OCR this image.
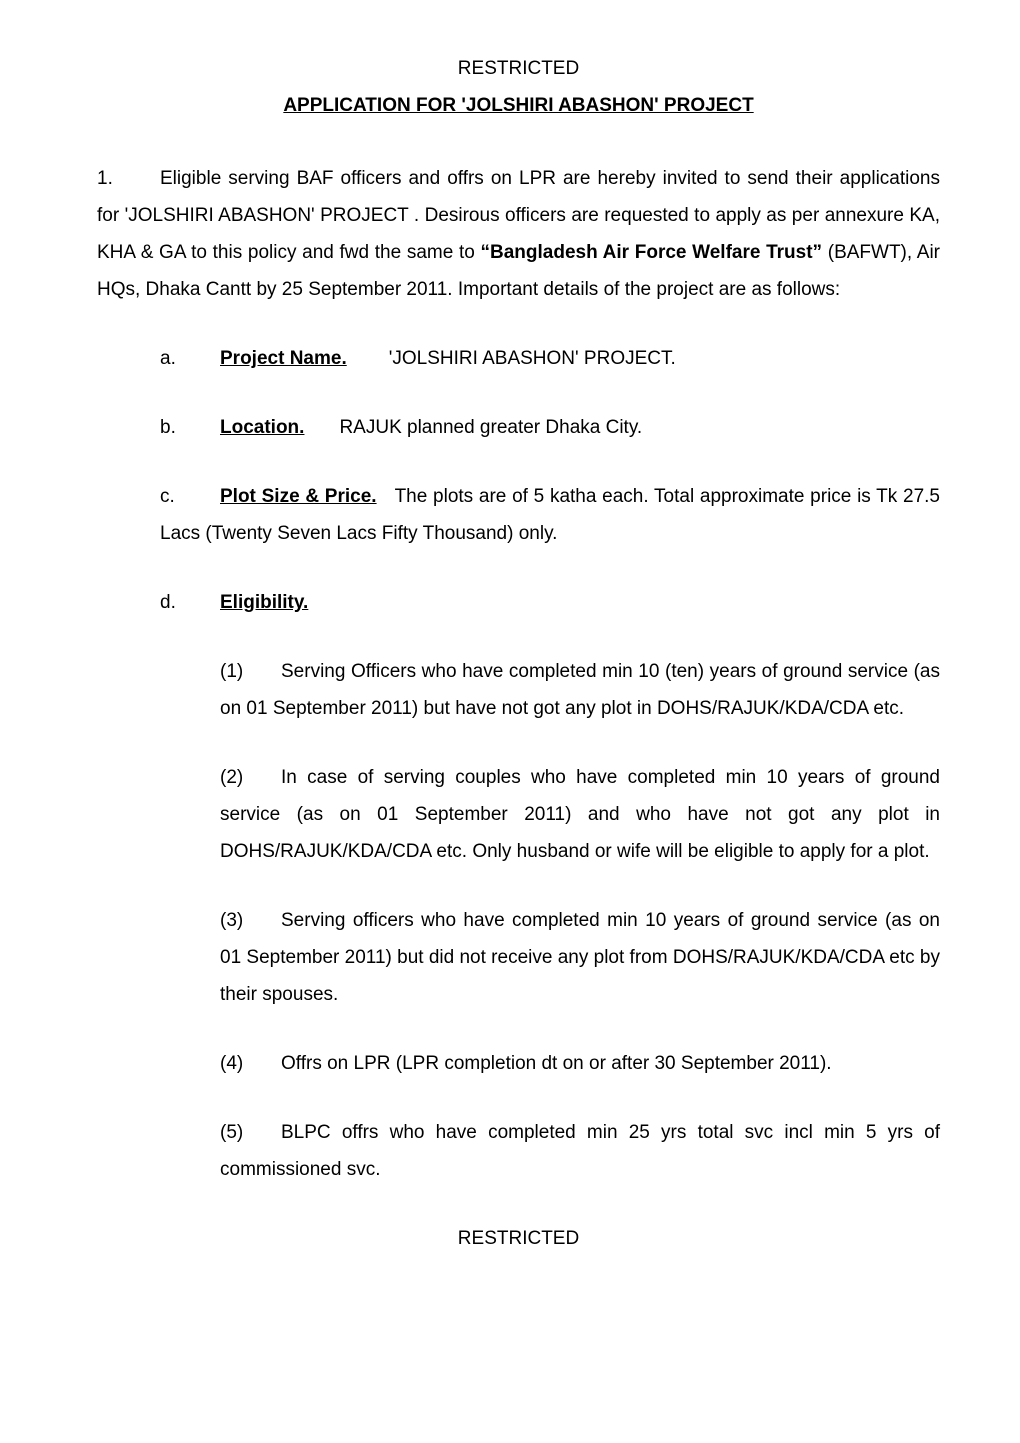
RESTRICTED

APPLICATION FOR 'JOLSHIRI ABASHON' PROJECT

1. Eligible serving BAF officers and offrs on LPR are hereby invited to send their applications for 'JOLSHIRI ABASHON' PROJECT . Desirous officers are requested to apply as per annexure KA, KHA & GA to this policy and fwd the same to “Bangladesh Air Force Welfare Trust” (BAFWT), Air HQs, Dhaka Cantt by 25 September 2011. Important details of the project are as follows:

a. Project Name. 'JOLSHIRI ABASHON' PROJECT.

b. Location. RAJUK planned greater Dhaka City.

c. Plot Size & Price. The plots are of 5 katha each. Total approximate price is Tk 27.5 Lacs (Twenty Seven Lacs Fifty Thousand) only.

d. Eligibility.

(1) Serving Officers who have completed min 10 (ten) years of ground service (as on 01 September 2011) but have not got any plot in DOHS/RAJUK/KDA/CDA etc.

(2) In case of serving couples who have completed min 10 years of ground service (as on 01 September 2011) and who have not got any plot in DOHS/RAJUK/KDA/CDA etc. Only husband or wife will be eligible to apply for a plot.

(3) Serving officers who have completed min 10 years of ground service (as on 01 September 2011) but did not receive any plot from DOHS/RAJUK/KDA/CDA etc by their spouses.

(4) Offrs on LPR (LPR completion dt on or after 30 September 2011).

(5) BLPC offrs who have completed min 25 yrs total svc incl min 5 yrs of commissioned svc.

RESTRICTED
